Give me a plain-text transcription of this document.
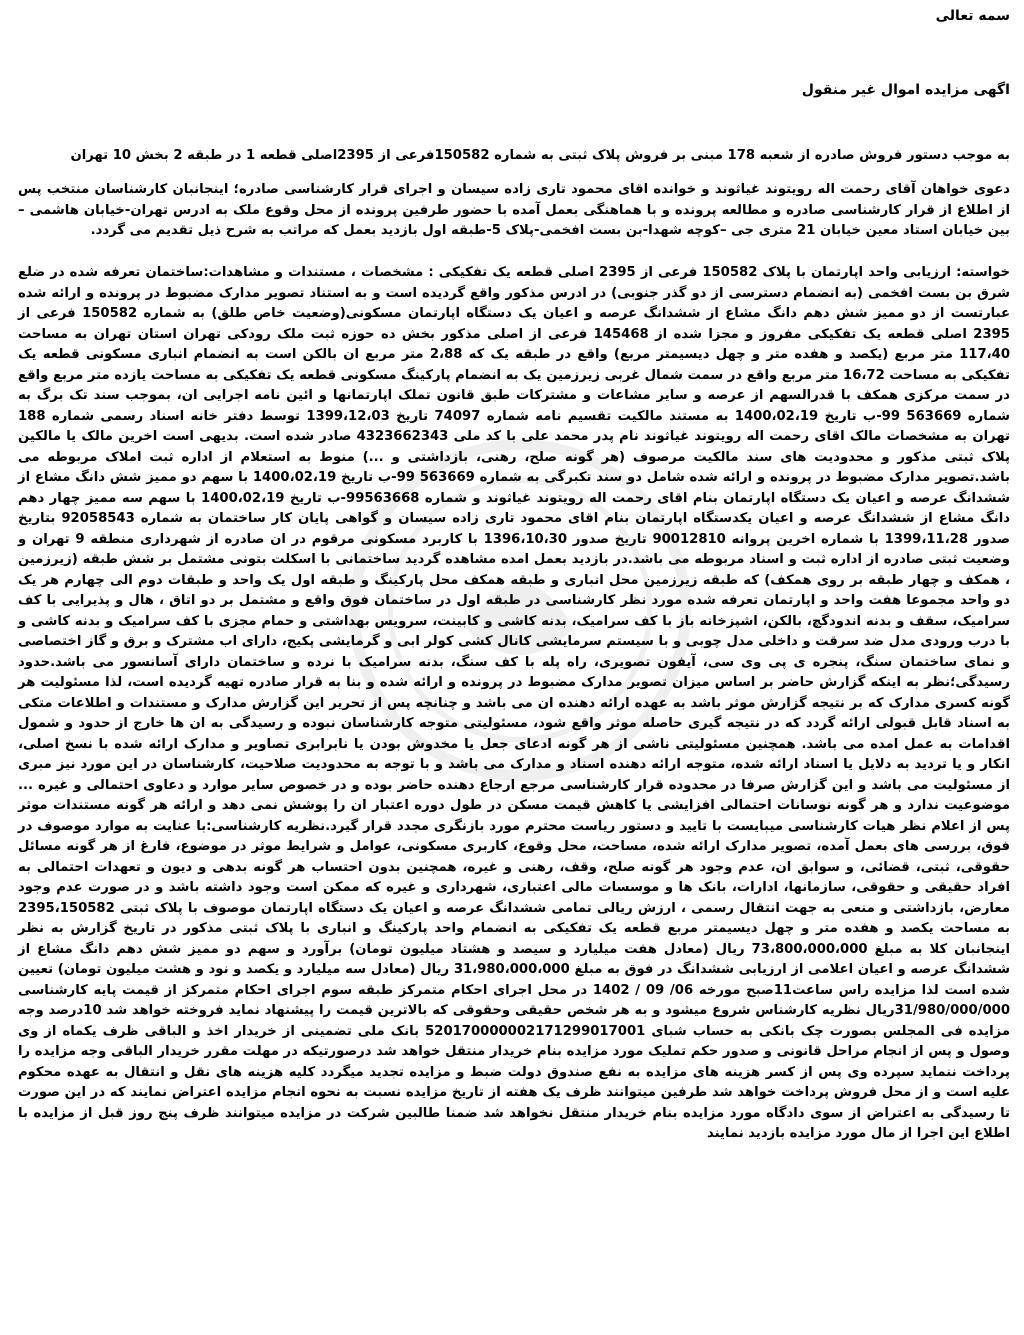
سمه تعالی
اگهی مزایده اموال غیر منقول
به موجب دستور فروش صادره از شعبه 178 مبنی بر فروش پلاک ثبتی به شماره 150582فرعی از 2395اصلی قطعه 1 در طبقه 2 بخش 10 تهران
دعوی خواهان آقای رحمت اله رویتوند غیاثوند و خوانده اقای محمود تاری زاده سیسان و اجرای قرار کارشناسی صادره؛ اینجانبان کارشناسان منتخب پس از اطلاع از قرار کارشناسی صادره و مطالعه پرونده و با هماهنگی بعمل آمده با حضور طرفین پرونده از محل وقوع ملک به ادرس تهران-خیابان هاشمی – بین خیابان استاد معین خیابان 21 متری جی –کوچه شهدا-بن بست افخمی-پلاک 5-طبقه اول بازدید بعمل که مراتب به شرح ذیل تقدیم می گردد.
خواسته: ارزیابی واحد اپارتمان با پلاک 150582 فرعی از 2395 اصلی قطعه یک تفکیکی : مشخصات ، مستندات و مشاهدات:ساختمان تعرفه شده در ضلع شرق بن بست افخمی (به انضمام دسترسی از دو گذر جنوبی) در ادرس مذکور واقع گردیده است و به استناد تصویر مدارک مضبوط در پرونده و ارائه شده عبارتست از دو ممیز شش دهم دانگ مشاع از ششدانگ عرصه و اعیان یک دستگاه اپارتمان مسکونی(وضعیت خاص طلق) به شماره 150582 فرعی از 2395 اصلی قطعه یک تفکیکی مفروز و مجزا شده از 145468 فرعی از اصلی مذکور بخش ده حوزه ثبت ملک رودکی تهران استان تهران به مساحت 117،40 متر مربع (یکصد و هفده متر و چهل دیسیمتر مربع) واقع در طبقه یک که 2،88 متر مربع ان بالکن است به انضمام انباری مسکونی قطعه یک تفکیکی به مساحت 16،72 متر مربع واقع در سمت شمال غربی زیرزمین یک به انضمام پارکینگ مسکونی قطعه یک تفکیکی به مساحت یازده متر مربع واقع در سمت مرکزی همکف با قدرالسهم از عرصه و سایر مشاعات و مشترکات طبق قانون تملک اپارتمانها و ائین نامه اجرایی ان، بموجب سند تک برگ به شماره 563669 99-ب تاریخ 1400،02،19 به مستند مالکیت تقسیم نامه شماره 74097 تاریخ 1399،12،03 توسط دفتر خانه اسناد رسمی شماره 188 تهران به مشخصات مالک اقای رحمت اله رویتوند غیاثوند نام پدر محمد علی با کد ملی 4323662343 صادر شده است. بدیهی است اخرین مالک یا مالکین پلاک ثبتی مذکور و محدودیت های سند مالکیت مرصوف (هر گونه صلح، رهنی، بازداشتی و ...) منوط به استعلام از اداره ثبت املاک مربوطه می باشد.تصویر مدارک مضبوط در پرونده و ارائه شده شامل دو سند تکبرگی به شماره 563669 99-ب تاریخ 1400،02،19 با سهم دو ممیز شش دانگ مشاع از ششدانگ عرصه و اعیان یک دستگاه اپارتمان بنام اقای رحمت اله رویتوند غیاثوند و شماره 99563668-ب تاریخ 1400،02،19 با سهم سه ممیز چهار دهم دانگ مشاع از ششدانگ عرصه و اعیان یکدستگاه اپارتمان بنام اقای محمود تاری زاده سیسان و گواهی پایان کار ساختمان به شماره 92058543 بتاریخ صدور 1399،11،28 با شماره اخرین پروانه 90012810 تاریخ صدور 1396،10،30 با کاربرد مسکونی مرقوم در ان صادره از شهرداری منطقه 9 تهران و وضعیت ثبتی صادره از اداره ثبت و اسناد مربوطه می باشد.در بازدید بعمل امده مشاهده گردید ساختمانی با اسکلت بتونی مشتمل بر شش طبقه (زیرزمین ، همکف و چهار طبقه بر روی همکف) که طبقه زیرزمین محل انباری و طبقه همکف محل پارکینگ و طبقه اول یک واحد و طبقات دوم الی چهارم هر یک دو واحد مجموعا هفت واحد و اپارتمان تعرفه شده مورد نظر کارشناسی در طبقه اول در ساختمان فوق واقع و مشتمل بر دو اتاق ، هال و پذیرایی با کف سرامیک، سقف و بدنه اندودگچ، بالکن، اشپزخانه باز با کف سرامیک، بدنه کاشی و کابینت، سرویس بهداشتی و حمام مجزی با کف سرامیک و بدنه کاشی و با درب ورودی مدل ضد سرقت و داخلی مدل چوبی و با سیستم سرمایشی کانال کشی کولر ابی و گرمایشی پکیج، دارای اب مشترک و برق و گاز اختصاصی و نمای ساختمان سنگ، پنجره ی پی وی سی، آیفون تصویری، راه پله با کف سنگ، بدنه سرامیک با نرده و ساختمان دارای آسانسور می باشد.حدود رسیدگی؛نظر به اینکه گزارش حاضر بر اساس میزان تصویر مدارک مضبوط در پرونده و ارائه شده و بنا به قرار صادره تهیه گردیده است، لذا مسئولیت هر گونه کسری مدارک که بر نتیجه گزارش موثر باشد به عهده ارائه دهنده ان می باشد و چنانچه پس از تحریر این گزارش مدارک و مستندات و اطلاعات متکی به اسناد قابل قبولی ارائه گردد که در نتیجه گیری حاصله موثر واقع شود، مسئولیتی متوجه کارشناسان نبوده و رسیدگی به ان ها خارج از حدود و شمول اقدامات به عمل امده می باشد. همچنین مسئولیتی ناشی از هر گونه ادعای جعل یا مخدوش بودن یا نابرابری تصاویر و مدارک ارائه شده با نسخ اصلی، انکار و یا تردید به دلایل یا اسناد ارائه شده، متوجه ارائه دهنده اسناد و مدارک می باشد و با توجه به محدودیت صلاحیت، کارشناسان در این مورد نیز مبری از مسئولیت می باشد و این گزارش صرفا در محدوده قرار کارشناسی مرجع ارجاع دهنده حاضر بوده و در خصوص سایر موارد و دعاوی احتمالی و غیره ... موضوعیت ندارد و هر گونه نوسانات احتمالی افزایشی یا کاهش قیمت مسکن در طول دوره اعتبار ان را پوشش نمی دهد و ارائه هر گونه مستندات موثر پس از اعلام نظر هیات کارشناسی میبایست با تایید و دستور ریاست محترم مورد بازنگری مجدد قرار گیرد.نظریه کارشناسی:با عنایت به موارد موصوف در فوق، بررسی های بعمل آمده، تصویر مدارک ارائه شده، مساحت، محل وقوع، کاربری مسکونی، عوامل و شرایط موثر در موضوع، فارغ از هر گونه مسائل حقوقی، ثبتی، قضائی، و سوابق ان، عدم وجود هر گونه صلح، وقف، رهنی و غیره، همچنین بدون احتساب هر گونه بدهی و دیون و تعهدات احتمالی به افراد حقیقی و حقوقی، سازمانها، ادارات، بانک ها و موسسات مالی اعتباری، شهرداری و غیره که ممکن است وجود داشته باشد و در صورت عدم وجود معارض، بازداشتی و منعی به جهت انتقال رسمی ، ارزش ریالی تمامی ششدانگ عرصه و اعیان یک دستگاه اپارتمان موصوف با پلاک ثبتی 2395،150582 به مساحت یکصد و هفده متر و چهل دیسیمتر مربع قطعه یک تفکیکی به انضمام واحد پارکینگ و انباری با پلاک ثبتی مذکور در تاریخ گزارش به نظر اینجانبان کلا به مبلغ 73،800،000،000 ریال (معادل هفت میلیارد و سیصد و هشتاد میلیون تومان) برآورد و سهم دو ممیز شش دهم دانگ مشاع از ششدانگ عرصه و اعیان اعلامی از ارزیابی ششدانگ در فوق به مبلغ 31،980،000،000 ریال (معادل سه میلیارد و یکصد و نود و هشت میلیون تومان) تعیین شده است لذا مزایده راس ساعت11صبح مورخه 06/ 09 / 1402 در محل اجرای احکام متمرکز طبقه سوم اجرای احکام متمرکز از قیمت پایه کارشناسی 31/980/000/000ریال نظریه کارشناس شروع میشود و به هر شخص حقیقی وحقوقی که بالاترین قیمت را پیشنهاد نماید فروخته خواهد شد 10درصد وجه مزایده فی المجلس بصورت چک بانکی به حساب شبای 520170000002171299017001 بانک ملی تضمینی از خریدار اخذ و الباقی ظرف یکماه از وی وصول و پس از انجام مراحل قانونی و صدور حکم تملیک مورد مزایده بنام خریدار منتقل خواهد شد درصورتیکه در مهلت مقرر خریدار الباقی وجه مزایده را پرداخت ننماید سپرده وی پس از کسر هزینه های مزایده به نفع صندوق دولت ضبط و مزایده تجدید میگردد کلیه هزینه های نقل و انتقال به عهده محکوم علیه است و از محل فروش پرداخت خواهد شد طرفین میتوانند ظرف یک هفته از تاریخ مزایده نسبت به نحوه انجام مزایده اعتراض نمایند که در این صورت تا رسیدگی به اعتراض از سوی دادگاه مورد مزایده بنام خریدار منتقل نخواهد شد ضمنا طالبین شرکت در مزایده میتوانند ظرف پنج روز قبل از مزایده با اطلاع این اجرا از مال مورد مزایده بازدید نمایند
